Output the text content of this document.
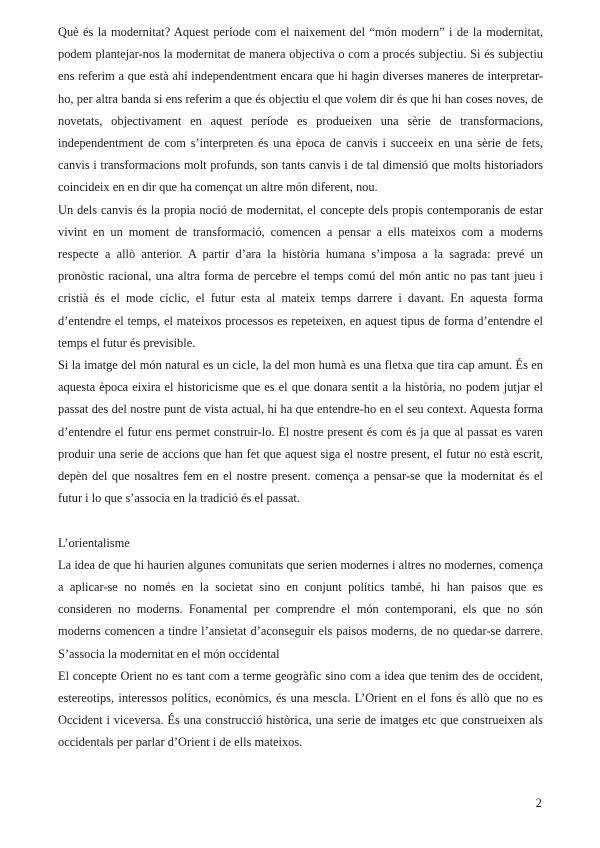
Què és la modernitat? Aquest període com el naixement del “món modern” i de la modernitat, podem plantejar-nos la modernitat de manera objectiva o com a procés subjectiu. Si és subjectiu ens referim a que està ahí independentment encara que hi hagin diverses maneres de interpretar-ho, per altra banda si ens referim a que és objectiu el que volem dir és que hi han coses noves, de novetats, objectivament en aquest període es produeixen una sèrie de transformacions, independentment de com s’interpreten és una època de canvis i succeeix en una sèrie de fets, canvis i transformacions molt profunds, son tants canvis i de tal dimensió que molts historiadors coincideix en en dir que ha començat un altre món diferent, nou.

Un dels canvis és la propia noció de modernitat, el concepte dels propis contemporanis de estar vivint en un moment de transformació, comencen a pensar a ells mateixos com a moderns respecte a allò anterior. A partir d’ara la història humana s’imposa a la sagrada: prevé un pronòstic racional, una altra forma de percebre el temps comú del món antic no pas tant jueu i cristià és el mode cíclic, el futur esta al mateix temps darrere i davant. En aquesta forma d’entendre el temps, el mateixos processos es repeteixen, en aquest tipus de forma d’entendre el temps el futur és previsible.

Si la imatge del món natural es un cicle, la del mon humà es una fletxa que tira cap amunt. És en aquesta època eixira el historicisme que es el que donara sentit a la història, no podem jutjar el passat des del nostre punt de vista actual, hi ha que entendre-ho en el seu context. Aquesta forma d’entendre el futur ens permet construir-lo. El nostre present és com és ja que al passat es varen produir una serie de accions que han fet que aquest siga el nostre present, el futur no està escrit, depèn del que nosaltres fem en el nostre present. comença a pensar-se que la modernitat és el futur i lo que s’associa en la tradició és el passat.

L’orientalisme

La idea de que hi haurien algunes comunitats que serien modernes i altres no modernes, comença a aplicar-se no només en la societat sino en conjunt polítics també, hi han paisos que es consideren no moderns. Fonamental per comprendre el món contemporani, els que no són moderns comencen a tindre l’ansietat d’aconseguir els paisos moderns, de no quedar-se darrere. S’associa la modernitat en el món occidental

El concepte Orient no es tant com a terme geogràfic sino com a idea que tenim des de occident, estereotips, interessos polítics, econòmics, és una mescla. L’Orient en el fons és allò que no es Occident i viceversa. És una construcció històrica, una serie de imatges etc que construeixen als occidentals per parlar d’Orient i de ells mateixos.

2
